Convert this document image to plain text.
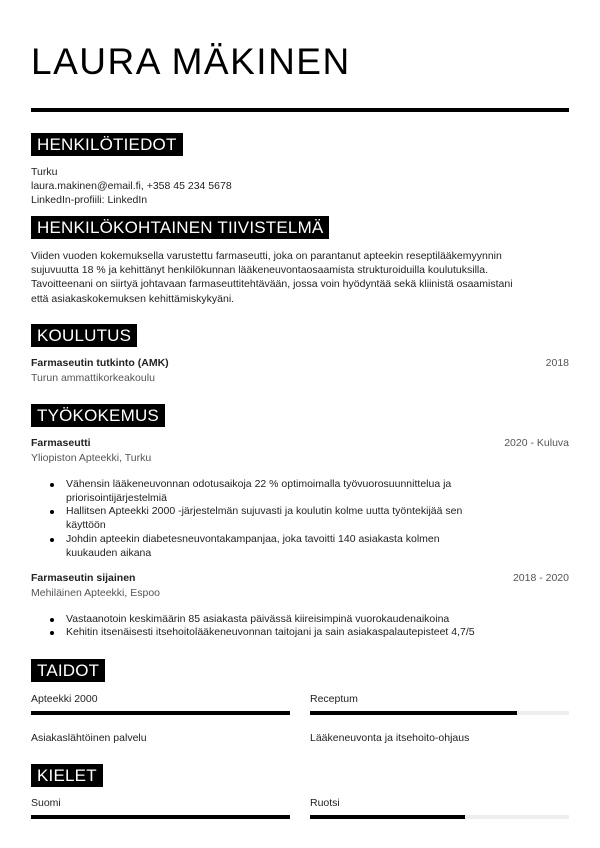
LAURA MÄKINEN
HENKILÖTIEDOT
Turku
laura.makinen@email.fi, +358 45 234 5678
LinkedIn-profiili: LinkedIn
HENKILÖKOHTAINEN TIIVISTELMÄ
Viiden vuoden kokemuksella varustettu farmaseutti, joka on parantanut apteekin reseptilääkemyynnin
sujuvuutta 18 % ja kehittänyt henkilökunnan lääkeneuvontaosaamista strukturoiduilla koulutuksilla.
Tavoitteenani on siirtyä johtavaan farmaseuttitehtävään, jossa voin hyödyntää sekä kliinistä osaamistani
että asiakaskokemuksen kehittämiskykyäni.
KOULUTUS
Farmaseutin tutkinto (AMK)	2018
Turun ammattikorkeakoulu
TYÖKOKEMUS
Farmaseutti	2020 - Kuluva
Yliopiston Apteekki, Turku
Vähensin lääkeneuvonnan odotusaikoja 22 % optimoimalla työvuorosuunnittelua ja priorisointijärjestelmiä
Hallitsen Apteekki 2000 -järjestelmän sujuvasti ja koulutin kolme uutta työntekijää sen käyttöön
Johdin apteekin diabetesneuvontakampanjaa, joka tavoitti 140 asiakasta kolmen kuukauden aikana
Farmaseutin sijainen	2018 - 2020
Mehiläinen Apteekki, Espoo
Vastaanotoin keskimäärin 85 asiakasta päivässä kiireisimpinä vuorokaudenaikoina
Kehitin itsenäisesti itsehoitolääkeneuvonnan taitojani ja sain asiakaspalautepisteet 4,7/5
TAIDOT
Apteekki 2000	Receptum
Asiakaslähtöinen palvelu	Lääkeneuvonta ja itsehoito-ohjaus
KIELET
Suomi	Ruotsi
